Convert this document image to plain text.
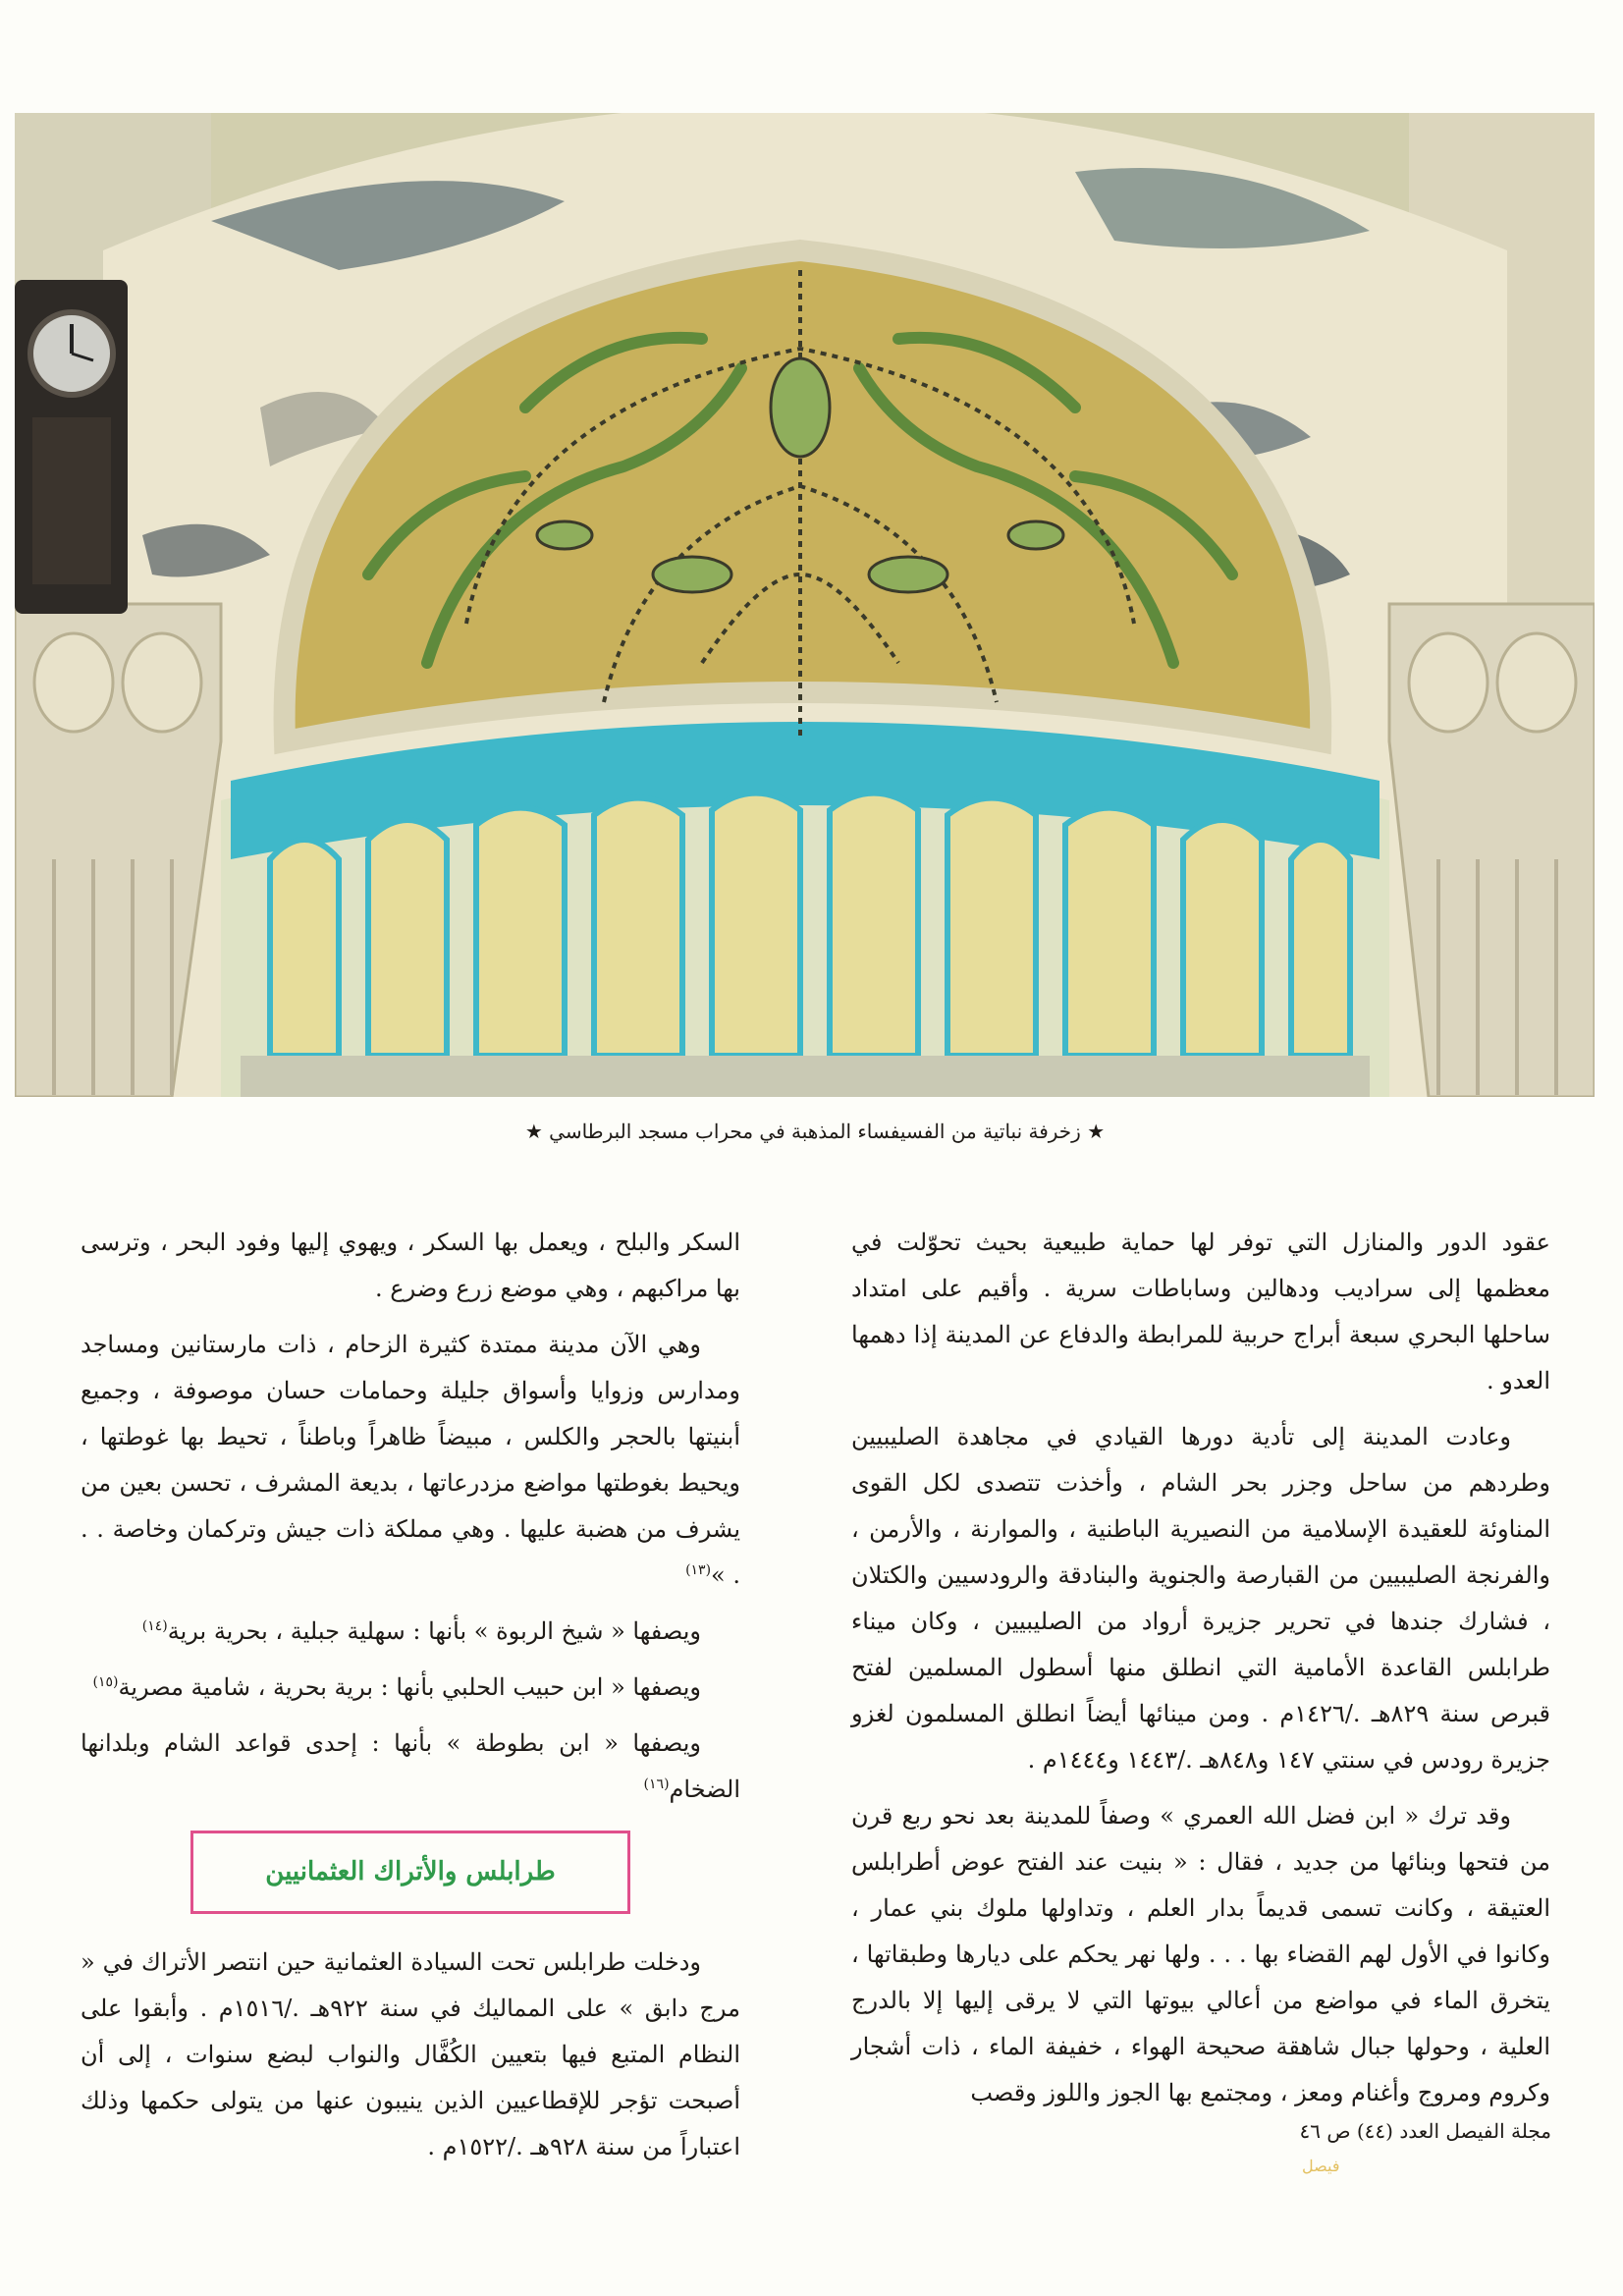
★ زخرفة نباتية من الفسيفساء المذهبة في محراب مسجد البرطاسي ★

عقود الدور والمنازل التي توفر لها حماية طبيعية بحيث تحوّلت في معظمها إلى سراديب ودهالين وساباطات سرية . وأقيم على امتداد ساحلها البحري سبعة أبراج حربية للمرابطة والدفاع عن المدينة إذا دهمها العدو .

وعادت المدينة إلى تأدية دورها القيادي في مجاهدة الصليبيين وطردهم من ساحل وجزر بحر الشام ، وأخذت تتصدى لكل القوى المناوئة للعقيدة الإسلامية من النصيرية الباطنية ، والموارنة ، والأرمن ، والفرنجة الصليبيين من القبارصة والجنوية والبنادقة والرودسيين والكتلان ، فشارك جندها في تحرير جزيرة أرواد من الصليبيين ، وكان ميناء طرابلس القاعدة الأمامية التي انطلق منها أسطول المسلمين لفتح قبرص سنة ٨٢٩هـ ./١٤٢٦م . ومن مينائها أيضاً انطلق المسلمون لغزو جزيرة رودس في سنتي ١٤٧ و٨٤٨هـ ./١٤٤٣ و١٤٤٤م .

وقد ترك « ابن فضل الله العمري » وصفاً للمدينة بعد نحو ربع قرن من فتحها وبنائها من جديد ، فقال : « بنيت عند الفتح عوض أطرابلس العتيقة ، وكانت تسمى قديماً بدار العلم ، وتداولها ملوك بني عمار ، وكانوا في الأول لهم القضاء بها . . . ولها نهر يحكم على ديارها وطبقاتها ، يتخرق الماء في مواضع من أعالي بيوتها التي لا يرقى إليها إلا بالدرج العلية ، وحولها جبال شاهقة صحيحة الهواء ، خفيفة الماء ، ذات أشجار وكروم ومروج وأغنام ومعز ، ومجتمع بها الجوز واللوز وقصب

السكر والبلح ، ويعمل بها السكر ، ويهوي إليها وفود البحر ، وترسى بها مراكبهم ، وهي موضع زرع وضرع .

وهي الآن مدينة ممتدة كثيرة الزحام ، ذات مارستانين ومساجد ومدارس وزوايا وأسواق جليلة وحمامات حسان موصوفة ، وجميع أبنيتها بالحجر والكلس ، مبيضاً ظاهراً وباطناً ، تحيط بها غوطتها ، ويحيط بغوطتها مواضع مزدرعاتها ، بديعة المشرف ، تحسن بعين من يشرف من هضبة عليها . وهي مملكة ذات جيش وتركمان وخاصة . . . »$^{(١٣)}$

ويصفها « شيخ الربوة » بأنها : سهلية جبلية ، بحرية برية$^{(١٤)}$

ويصفها « ابن حبيب الحلبي بأنها : برية بحرية ، شامية مصرية$^{(١٥)}$

ويصفها « ابن بطوطة » بأنها : إحدى قواعد الشام وبلدانها الضخام$^{(١٦)}$

طرابلس والأتراك العثمانيين

ودخلت طرابلس تحت السيادة العثمانية حين انتصر الأتراك في « مرج دابق » على المماليك في سنة ٩٢٢هـ ./١٥١٦م . وأبقوا على النظام المتبع فيها بتعيين الكُفَّال والنواب لبضع سنوات ، إلى أن أصبحت تؤجر للإقطاعيين الذين ينيبون عنها من يتولى حكمها وذلك اعتباراً من سنة ٩٢٨هـ ./١٥٢٢م .

مجلة الفيصل العدد (٤٤) ص ٤٦
فيصل
